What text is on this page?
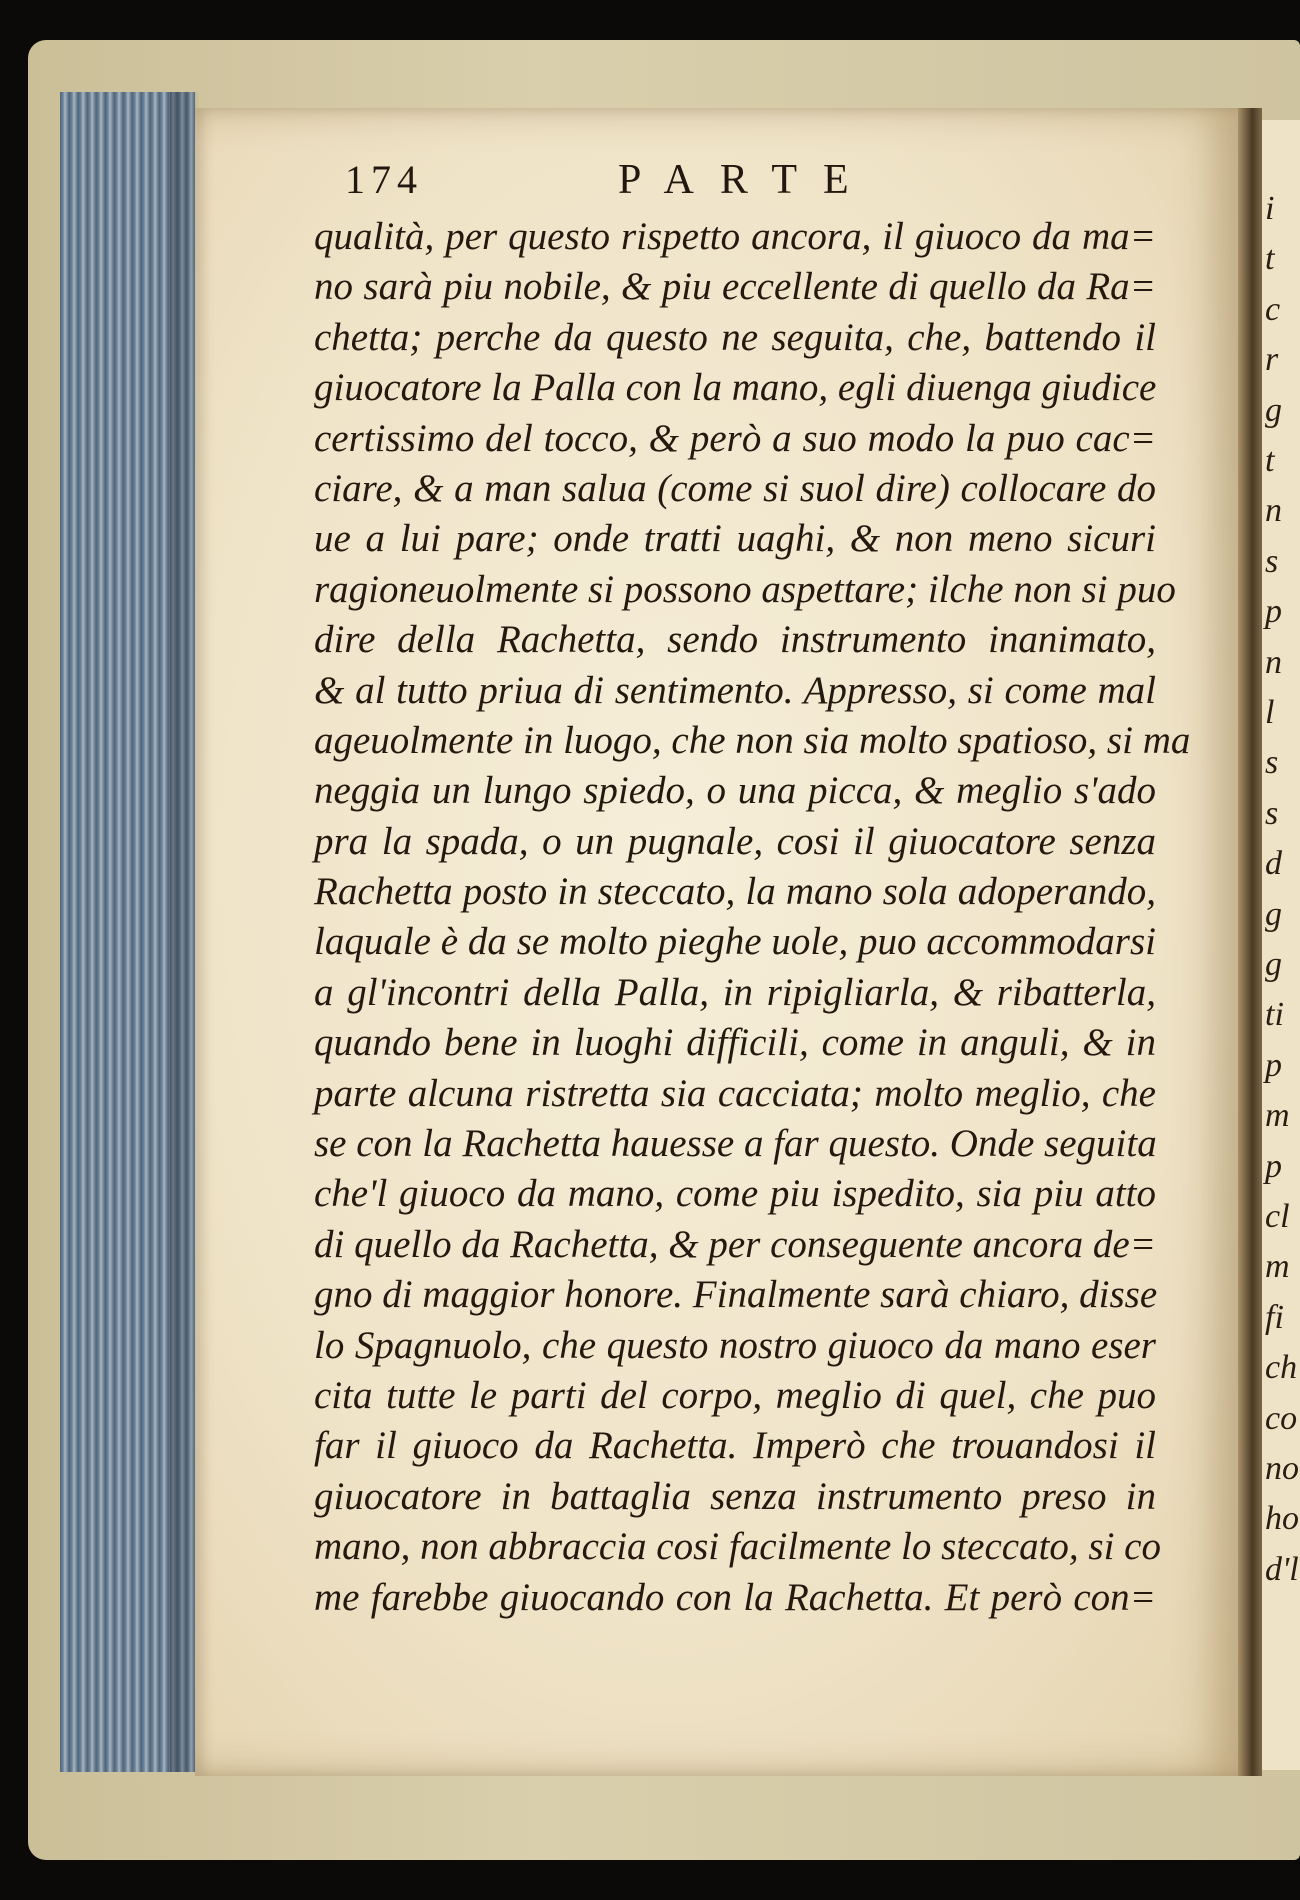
i
t
c
r
g
t
n
s
p
n
l
s
s
d
g
g
ti
p
m
p
cl
m
fi
ch
co
no
ho
d'l
174	PARTE
qualità, per questo rispetto ancora, il giuoco da ma=
no sarà piu nobile, & piu eccellente di quello da Ra=
chetta; perche da questo ne seguita, che, battendo il
giuocatore la Palla con la mano, egli diuenga giudice
certissimo del tocco, & però a suo modo la puo cac=
ciare, & a man salua (come si suol dire) collocare do
ue a lui pare; onde tratti uaghi, & non meno sicuri
ragioneuolmente si possono aspettare; ilche non si puo
dire della Rachetta, sendo instrumento inanimato,
& al tutto priua di sentimento. Appresso, si come mal
ageuolmente in luogo, che non sia molto spatioso, si ma
neggia un lungo spiedo, o una picca, & meglio s'ado
pra la spada, o un pugnale, cosi il giuocatore senza
Rachetta posto in steccato, la mano sola adoperando,
laquale è da se molto pieghe uole, puo accommodarsi
a gl'incontri della Palla, in ripigliarla, & ribatterla,
quando bene in luoghi difficili, come in anguli, & in
parte alcuna ristretta sia cacciata; molto meglio, che
se con la Rachetta hauesse a far questo. Onde seguita
che'l giuoco da mano, come piu ispedito, sia piu atto
di quello da Rachetta, & per conseguente ancora de=
gno di maggior honore. Finalmente sarà chiaro, disse
lo Spagnuolo, che questo nostro giuoco da mano eser
cita tutte le parti del corpo, meglio di quel, che puo
far il giuoco da Rachetta. Imperò che trouandosi il
giuocatore in battaglia senza instrumento preso in
mano, non abbraccia cosi facilmente lo steccato, si co
me farebbe giuocando con la Rachetta. Et però con=
